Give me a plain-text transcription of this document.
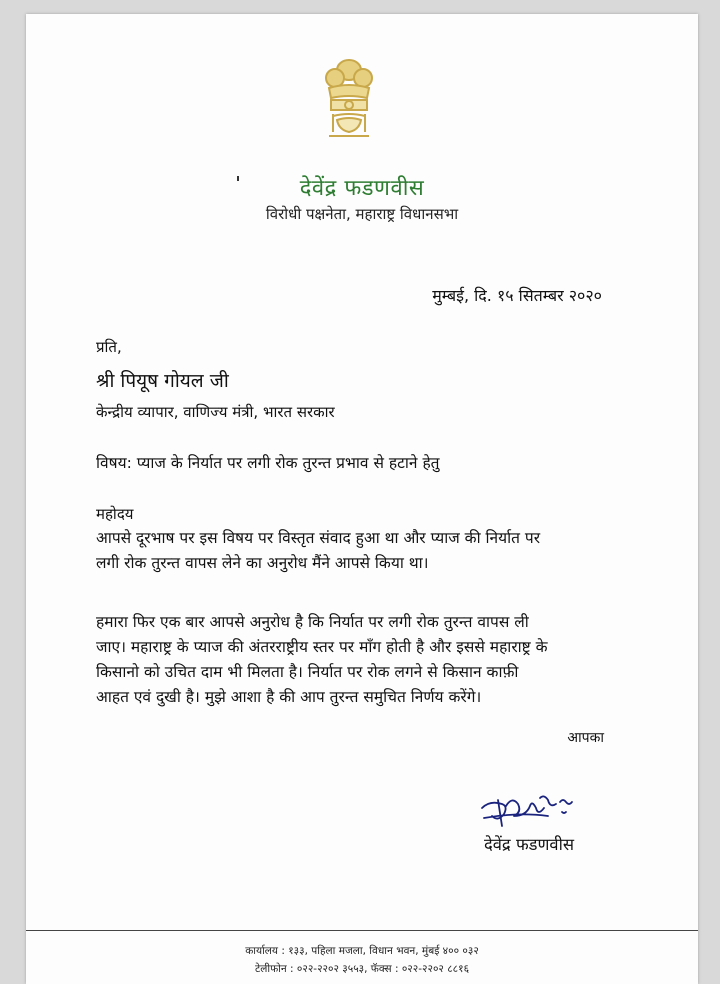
देवेंद्र फडणवीस
विरोधी पक्षनेता, महाराष्ट्र विधानसभा
मुम्बई, दि. १५ सितम्बर २०२०
प्रति,
श्री पियूष गोयल जी
केन्द्रीय व्यापार, वाणिज्य मंत्री, भारत सरकार
विषय: प्याज के निर्यात पर लगी रोक तुरन्त प्रभाव से हटाने हेतु
महोदय
आपसे दूरभाष पर इस विषय पर विस्तृत संवाद हुआ था और प्याज की निर्यात पर
लगी रोक तुरन्त वापस लेने का अनुरोध मैंने आपसे किया था।
हमारा फिर एक बार आपसे अनुरोध है कि निर्यात पर लगी रोक तुरन्त वापस ली
जाए। महाराष्ट्र के प्याज की अंतरराष्ट्रीय स्तर पर माँग होती है और इससे महाराष्ट्र के
किसानो को उचित दाम भी मिलता है। निर्यात पर रोक लगने से किसान काफ़ी
आहत एवं दुखी है। मुझे आशा है की आप तुरन्त समुचित निर्णय करेंगे।
आपका
देवेंद्र फडणवीस
कार्यालय : १३३, पहिला मजला, विधान भवन, मुंबई ४०० ०३२
टेलीफोन : ०२२-२२०२ ३५५३, फॅक्स : ०२२-२२०२ ८८१६
